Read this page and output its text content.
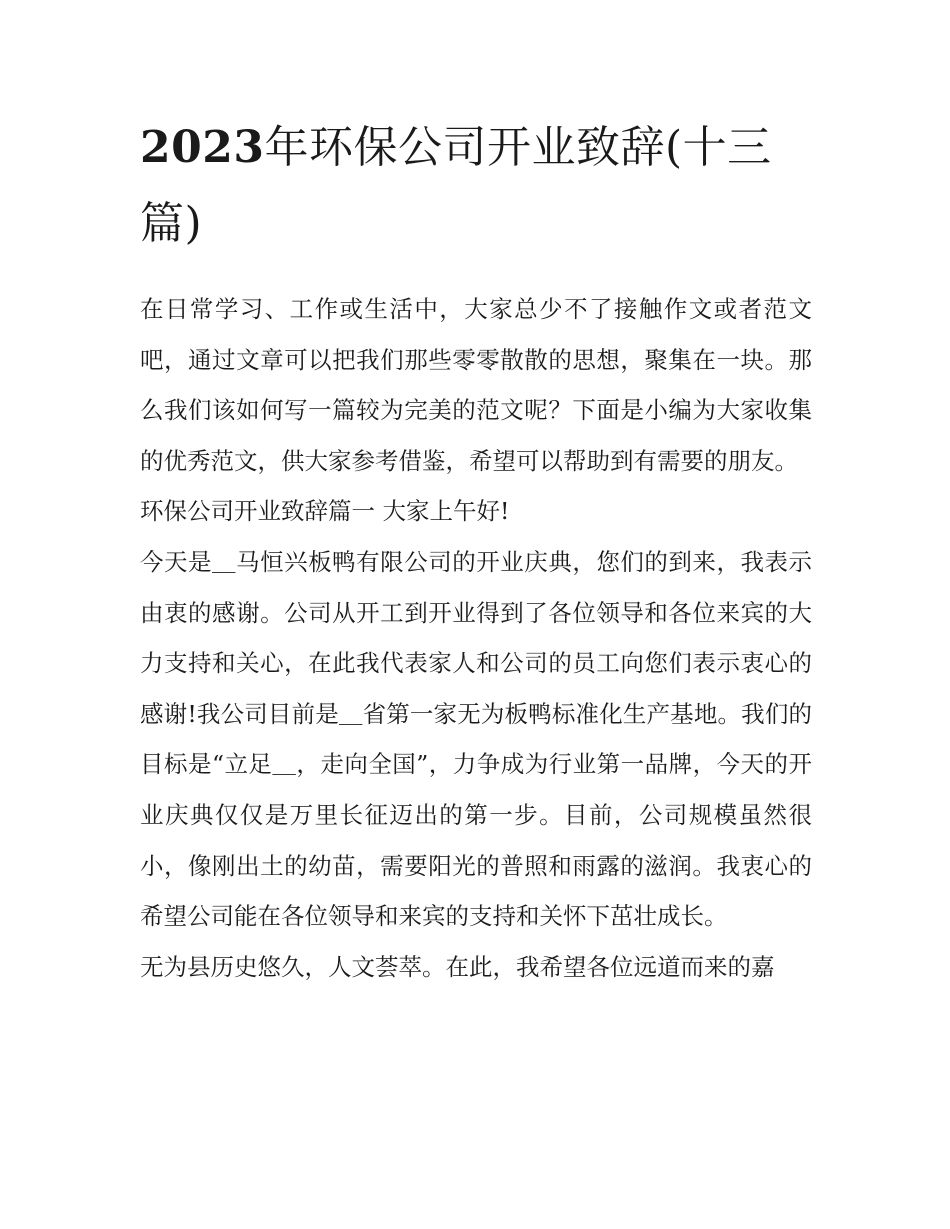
2023年环保公司开业致辞(十三篇)

在日常学习、工作或生活中，大家总少不了接触作文或者范文吧，通过文章可以把我们那些零零散散的思想，聚集在一块。那么我们该如何写一篇较为完美的范文呢？下面是小编为大家收集的优秀范文，供大家参考借鉴，希望可以帮助到有需要的朋友。

环保公司开业致辞篇一 大家上午好!

今天是＿马恒兴板鸭有限公司的开业庆典，您们的到来，我表示由衷的感谢。公司从开工到开业得到了各位领导和各位来宾的大力支持和关心，在此我代表家人和公司的员工向您们表示衷心的感谢!我公司目前是＿省第一家无为板鸭标准化生产基地。我们的目标是“立足＿，走向全国”，力争成为行业第一品牌，今天的开业庆典仅仅是万里长征迈出的第一步。目前，公司规模虽然很小，像刚出土的幼苗，需要阳光的普照和雨露的滋润。我衷心的希望公司能在各位领导和来宾的支持和关怀下茁壮成长。

无为县历史悠久，人文荟萃。在此，我希望各位远道而来的嘉
